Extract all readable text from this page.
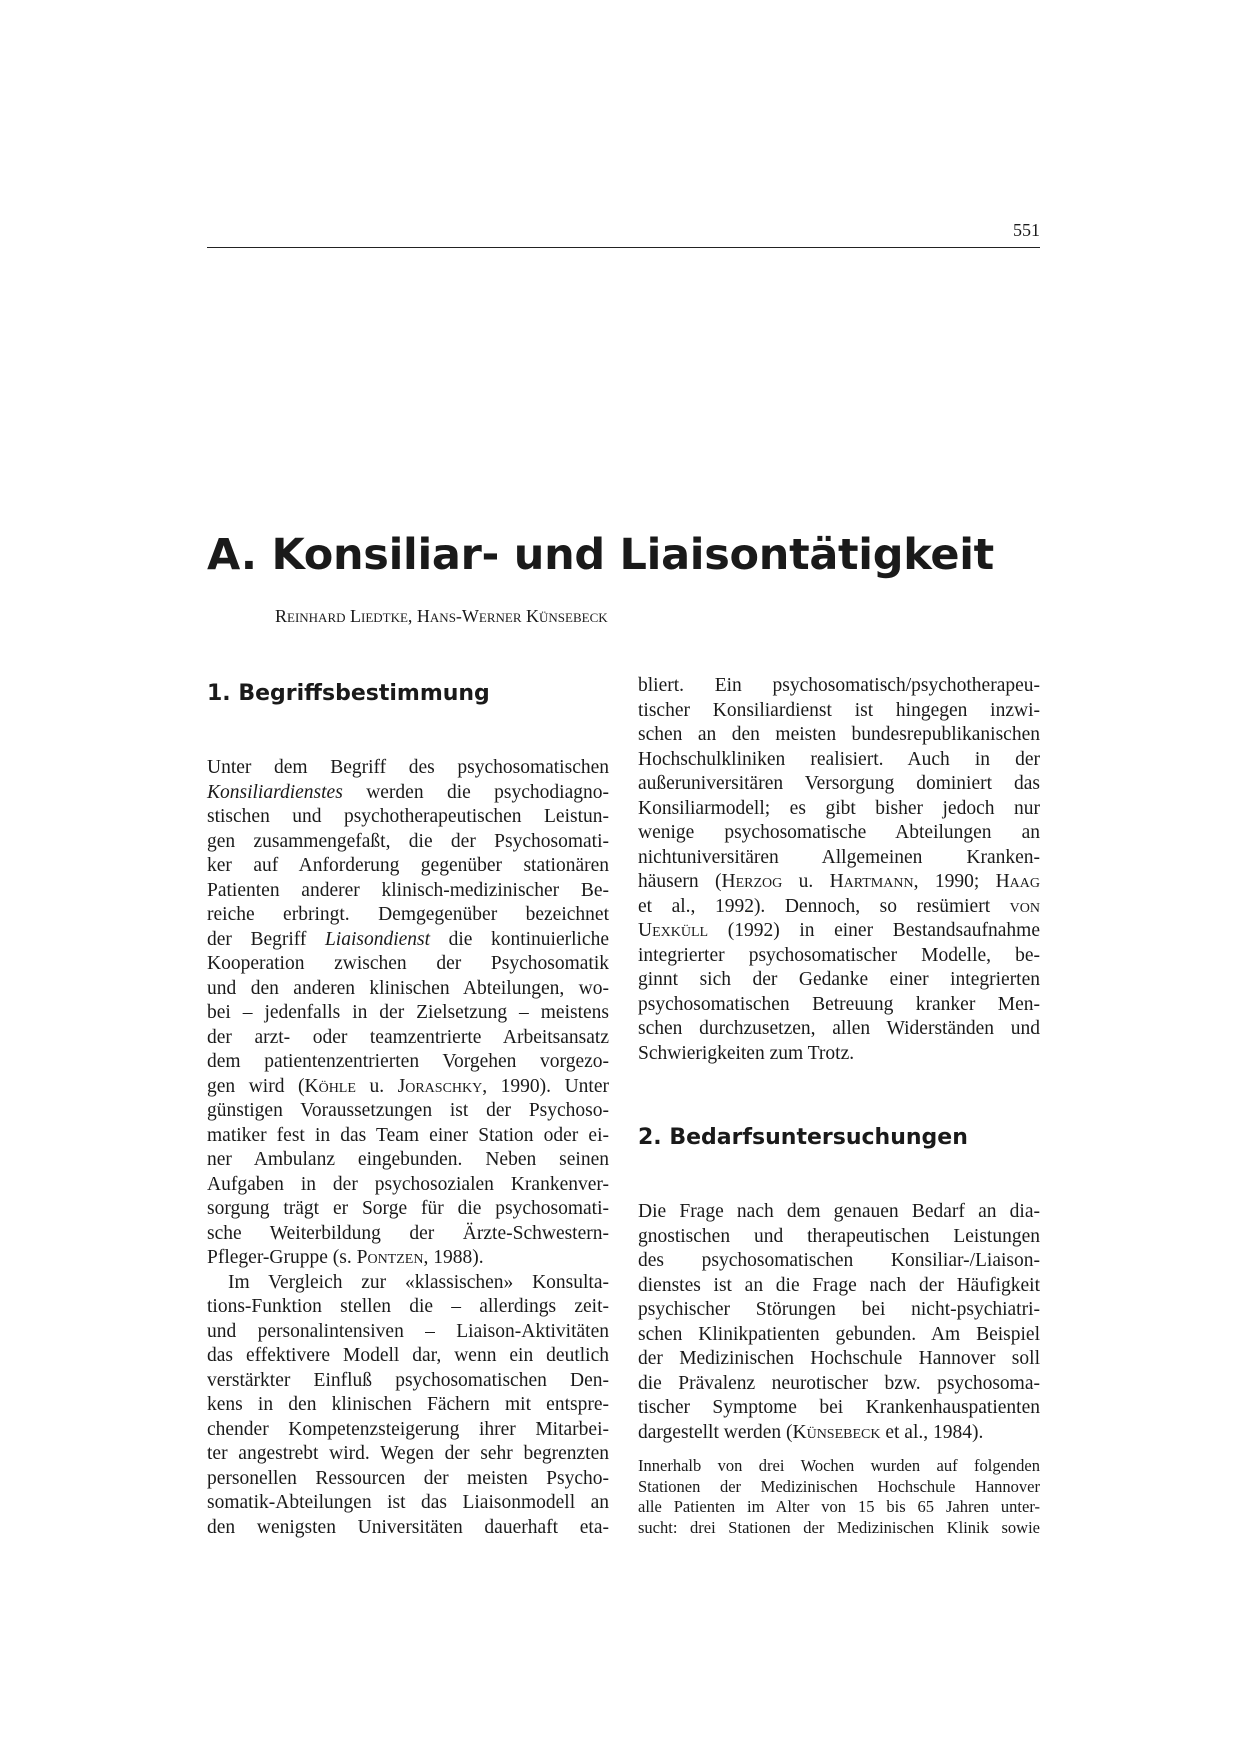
551
A. Konsiliar- und Liaisontätigkeit
Reinhard Liedtke, Hans-Werner Künsebeck
1. Begriffsbestimmung

Unter dem Begriff des psychosomatischen
Konsiliardienstes werden die psychodiagno-
stischen und psychotherapeutischen Leistun-
gen zusammengefaßt, die der Psychosomati-
ker auf Anforderung gegenüber stationären
Patienten anderer klinisch-medizinischer Be-
reiche erbringt. Demgegenüber bezeichnet
der Begriff Liaisondienst die kontinuierliche
Kooperation zwischen der Psychosomatik
und den anderen klinischen Abteilungen, wo-
bei – jedenfalls in der Zielsetzung – meistens
der arzt- oder teamzentrierte Arbeitsansatz
dem patientenzentrierten Vorgehen vorgezo-
gen wird (Köhle u. Joraschky, 1990). Unter
günstigen Voraussetzungen ist der Psychoso-
matiker fest in das Team einer Station oder ei-
ner Ambulanz eingebunden. Neben seinen
Aufgaben in der psychosozialen Krankenver-
sorgung trägt er Sorge für die psychosomati-
sche Weiterbildung der Ärzte-Schwestern-
Pfleger-Gruppe (s. Pontzen, 1988).

Im Vergleich zur «klassischen» Konsulta-
tions-Funktion stellen die – allerdings zeit-
und personalintensiven – Liaison-Aktivitäten
das effektivere Modell dar, wenn ein deutlich
verstärkter Einfluß psychosomatischen Den-
kens in den klinischen Fächern mit entspre-
chender Kompetenzsteigerung ihrer Mitarbei-
ter angestrebt wird. Wegen der sehr begrenzten
personellen Ressourcen der meisten Psycho-
somatik-Abteilungen ist das Liaisonmodell an
den wenigsten Universitäten dauerhaft eta-

bliert. Ein psychosomatisch/psychotherapeu-
tischer Konsiliardienst ist hingegen inzwi-
schen an den meisten bundesrepublikanischen
Hochschulkliniken realisiert. Auch in der
außeruniversitären Versorgung dominiert das
Konsiliarmodell; es gibt bisher jedoch nur
wenige psychosomatische Abteilungen an
nichtuniversitären Allgemeinen Kranken-
häusern (Herzog u. Hartmann, 1990; Haag
et al., 1992). Dennoch, so resümiert von
Uexküll (1992) in einer Bestandsaufnahme
integrierter psychosomatischer Modelle, be-
ginnt sich der Gedanke einer integrierten
psychosomatischen Betreuung kranker Men-
schen durchzusetzen, allen Widerständen und
Schwierigkeiten zum Trotz.

2. Bedarfsuntersuchungen

Die Frage nach dem genauen Bedarf an dia-
gnostischen und therapeutischen Leistungen
des psychosomatischen Konsiliar-/Liaison-
dienstes ist an die Frage nach der Häufigkeit
psychischer Störungen bei nicht-psychiatri-
schen Klinikpatienten gebunden. Am Beispiel
der Medizinischen Hochschule Hannover soll
die Prävalenz neurotischer bzw. psychosoma-
tischer Symptome bei Krankenhauspatienten
dargestellt werden (Künsebeck et al., 1984).

Innerhalb von drei Wochen wurden auf folgenden
Stationen der Medizinischen Hochschule Hannover
alle Patienten im Alter von 15 bis 65 Jahren unter-
sucht: drei Stationen der Medizinischen Klinik sowie
